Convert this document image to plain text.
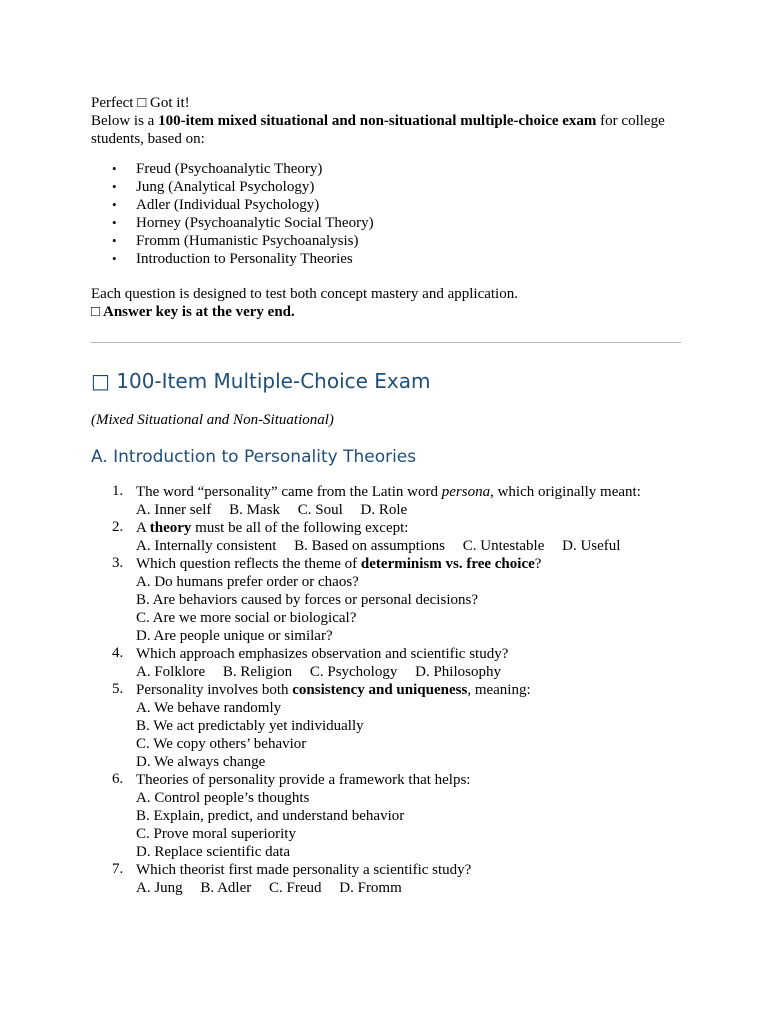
Perfect □ Got it!

Below is a 100-item mixed situational and non-situational multiple-choice exam for college students, based on:

• Freud (Psychoanalytic Theory)
• Jung (Analytical Psychology)
• Adler (Individual Psychology)
• Horney (Psychoanalytic Social Theory)
• Fromm (Humanistic Psychoanalysis)
• Introduction to Personality Theories

Each question is designed to test both concept mastery and application.

□ Answer key is at the very end.

□ 100-Item Multiple-Choice Exam

(Mixed Situational and Non-Situational)

A. Introduction to Personality Theories
1. The word “personality” came from the Latin word persona, which originally meant:
A. Inner self B. Mask C. Soul D. Role
2. A theory must be all of the following except:
A. Internally consistent B. Based on assumptions C. Untestable D. Useful
3. Which question reflects the theme of determinism vs. free choice?
A. Do humans prefer order or chaos?
B. Are behaviors caused by forces or personal decisions?
C. Are we more social or biological?
D. Are people unique or similar?
4. Which approach emphasizes observation and scientific study?
A. Folklore B. Religion C. Psychology D. Philosophy
5. Personality involves both consistency and uniqueness, meaning:
A. We behave randomly
B. We act predictably yet individually
C. We copy others’ behavior
D. We always change
6. Theories of personality provide a framework that helps:
A. Control people’s thoughts
B. Explain, predict, and understand behavior
C. Prove moral superiority
D. Replace scientific data
7. Which theorist first made personality a scientific study?
A. Jung B. Adler C. Freud D. Fromm
